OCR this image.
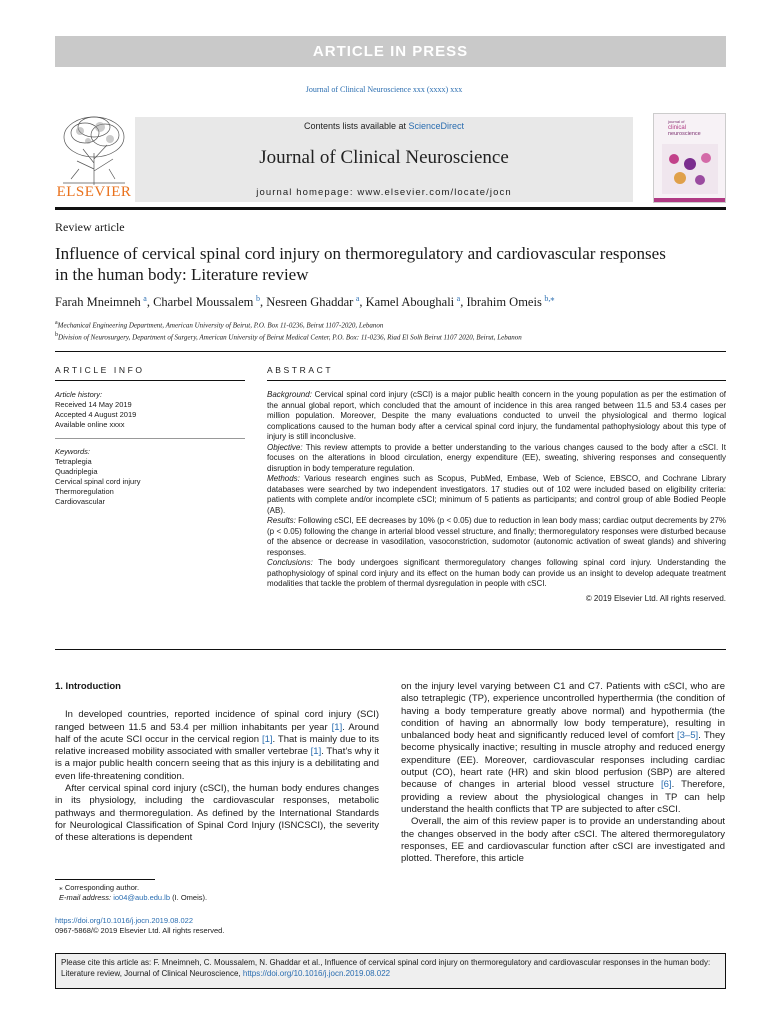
ARTICLE IN PRESS
Journal of Clinical Neuroscience xxx (xxxx) xxx
ELSEVIER
Contents lists available at ScienceDirect
Journal of Clinical Neuroscience
journal homepage: www.elsevier.com/locate/jocn
journal of
clinical
neuroscience
Review article
Influence of cervical spinal cord injury on thermoregulatory and cardiovascular responses in the human body: Literature review
Farah Mneimneh  $^a$, Charbel Moussalem  $^b$, Nesreen Ghaddar  $^a$, Kamel Aboughali  $^a$, Ibrahim Omeis  $^{b,⁎}$
$^a$Mechanical Engineering Department, American University of Beirut, P.O. Box 11-0236, Beirut 1107-2020, Lebanon
$^b$Division of Neurosurgery, Department of Surgery, American University of Beirut Medical Center, P.O. Box: 11-0236, Riad El Solh Beirut 1107 2020, Beirut, Lebanon
ARTICLE INFO	ABSTRACT
Article history:
Received 14 May 2019
Accepted 4 August 2019
Available online xxxx
Keywords:
Tetraplegia
Quadriplegia
Cervical spinal cord injury
Thermoregulation
Cardiovascular
Background: Cervical spinal cord injury (cSCI) is a major public health concern in the young population as per the estimation of the annual global report, which concluded that the amount of incidence in this area ranged between 11.5 and 53.4 cases per million population. Moreover, Despite the many evaluations conducted to unveil the physiological and thermo logical complications caused to the human body after a cervical spinal cord injury, the fundamental pathophysiology about this type of injury is still inconclusive.
Objective: This review attempts to provide a better understanding to the various changes caused to the body after a cSCI. It focuses on the alterations in blood circulation, energy expenditure (EE), sweating, shivering responses and consequently disruption in body temperature regulation.
Methods: Various research engines such as Scopus, PubMed, Embase, Web of Science, EBSCO, and Cochrane Library databases were searched by two independent investigators. 17 studies out of 102 were included based on eligibility criteria: patients with complete and/or incomplete cSCI; minimum of 5 patients as participants; and control group of able Bodied People (AB).
Results: Following cSCI, EE decreases by 10% (p < 0.05) due to reduction in lean body mass; cardiac output decrements by 27% (p < 0.05) following the change in arterial blood vessel structure, and finally; thermoregulatory responses were disturbed because of the absence or decrease in vasodilation, vasoconstriction, sudomotor (autonomic activation of sweat glands) and shivering responses.
Conclusions: The body undergoes significant thermoregulatory changes following spinal cord injury. Understanding the pathophysiology of spinal cord injury and its effect on the human body can provide us an insight to develop adequate treatment modalities that tackle the problem of thermal dysregulation in people with cSCI.
© 2019 Elsevier Ltd. All rights reserved.

1. Introduction

In developed countries, reported incidence of spinal cord injury (SCI) ranged between 11.5 and 53.4 per million inhabitants per year [1]. Around half of the acute SCI occur in the cervical region [1]. That is mainly due to its relative increased mobility associated with smaller vertebrae [1]. That’s why it is a major public health concern seeing that as this injury is a debilitating and even life-threatening condition.

After cervical spinal cord injury (cSCI), the human body endures changes in its physiology, including the cardiovascular responses, metabolic pathways and thermoregulation. As defined by the International Standards for Neurological Classification of Spinal Cord Injury (ISNCSCI), the severity of these alterations is dependent

on the injury level varying between C1 and C7. Patients with cSCI, who are also tetraplegic (TP), experience uncontrolled hyperthermia (the condition of having a body temperature greatly above normal) and hypothermia (the condition of having an abnormally low body temperature), resulting in unbalanced body heat and significantly reduced level of comfort [3–5]. They become physically inactive; resulting in muscle atrophy and reduced energy expenditure (EE). Moreover, cardiovascular responses including cardiac output (CO), heart rate (HR) and skin blood perfusion (SBP) are altered because of changes in arterial blood vessel structure [6]. Therefore, providing a review about the physiological changes in TP can help understand the health conflicts that TP are subjected to after cSCI.

Overall, the aim of this review paper is to provide an understanding about the changes observed in the body after cSCI. The altered thermoregulatory responses, EE and cardiovascular function after cSCI are investigated and plotted. Therefore, this article

⁎ Corresponding author.
E-mail address: io04@aub.edu.lb (I. Omeis).
https://doi.org/10.1016/j.jocn.2019.08.022
0967-5868/© 2019 Elsevier Ltd. All rights reserved.
Please cite this article as: F. Mneimneh, C. Moussalem, N. Ghaddar et al., Influence of cervical spinal cord injury on thermoregulatory and cardiovascular responses in the human body: Literature review, Journal of Clinical Neuroscience, https://doi.org/10.1016/j.jocn.2019.08.022
